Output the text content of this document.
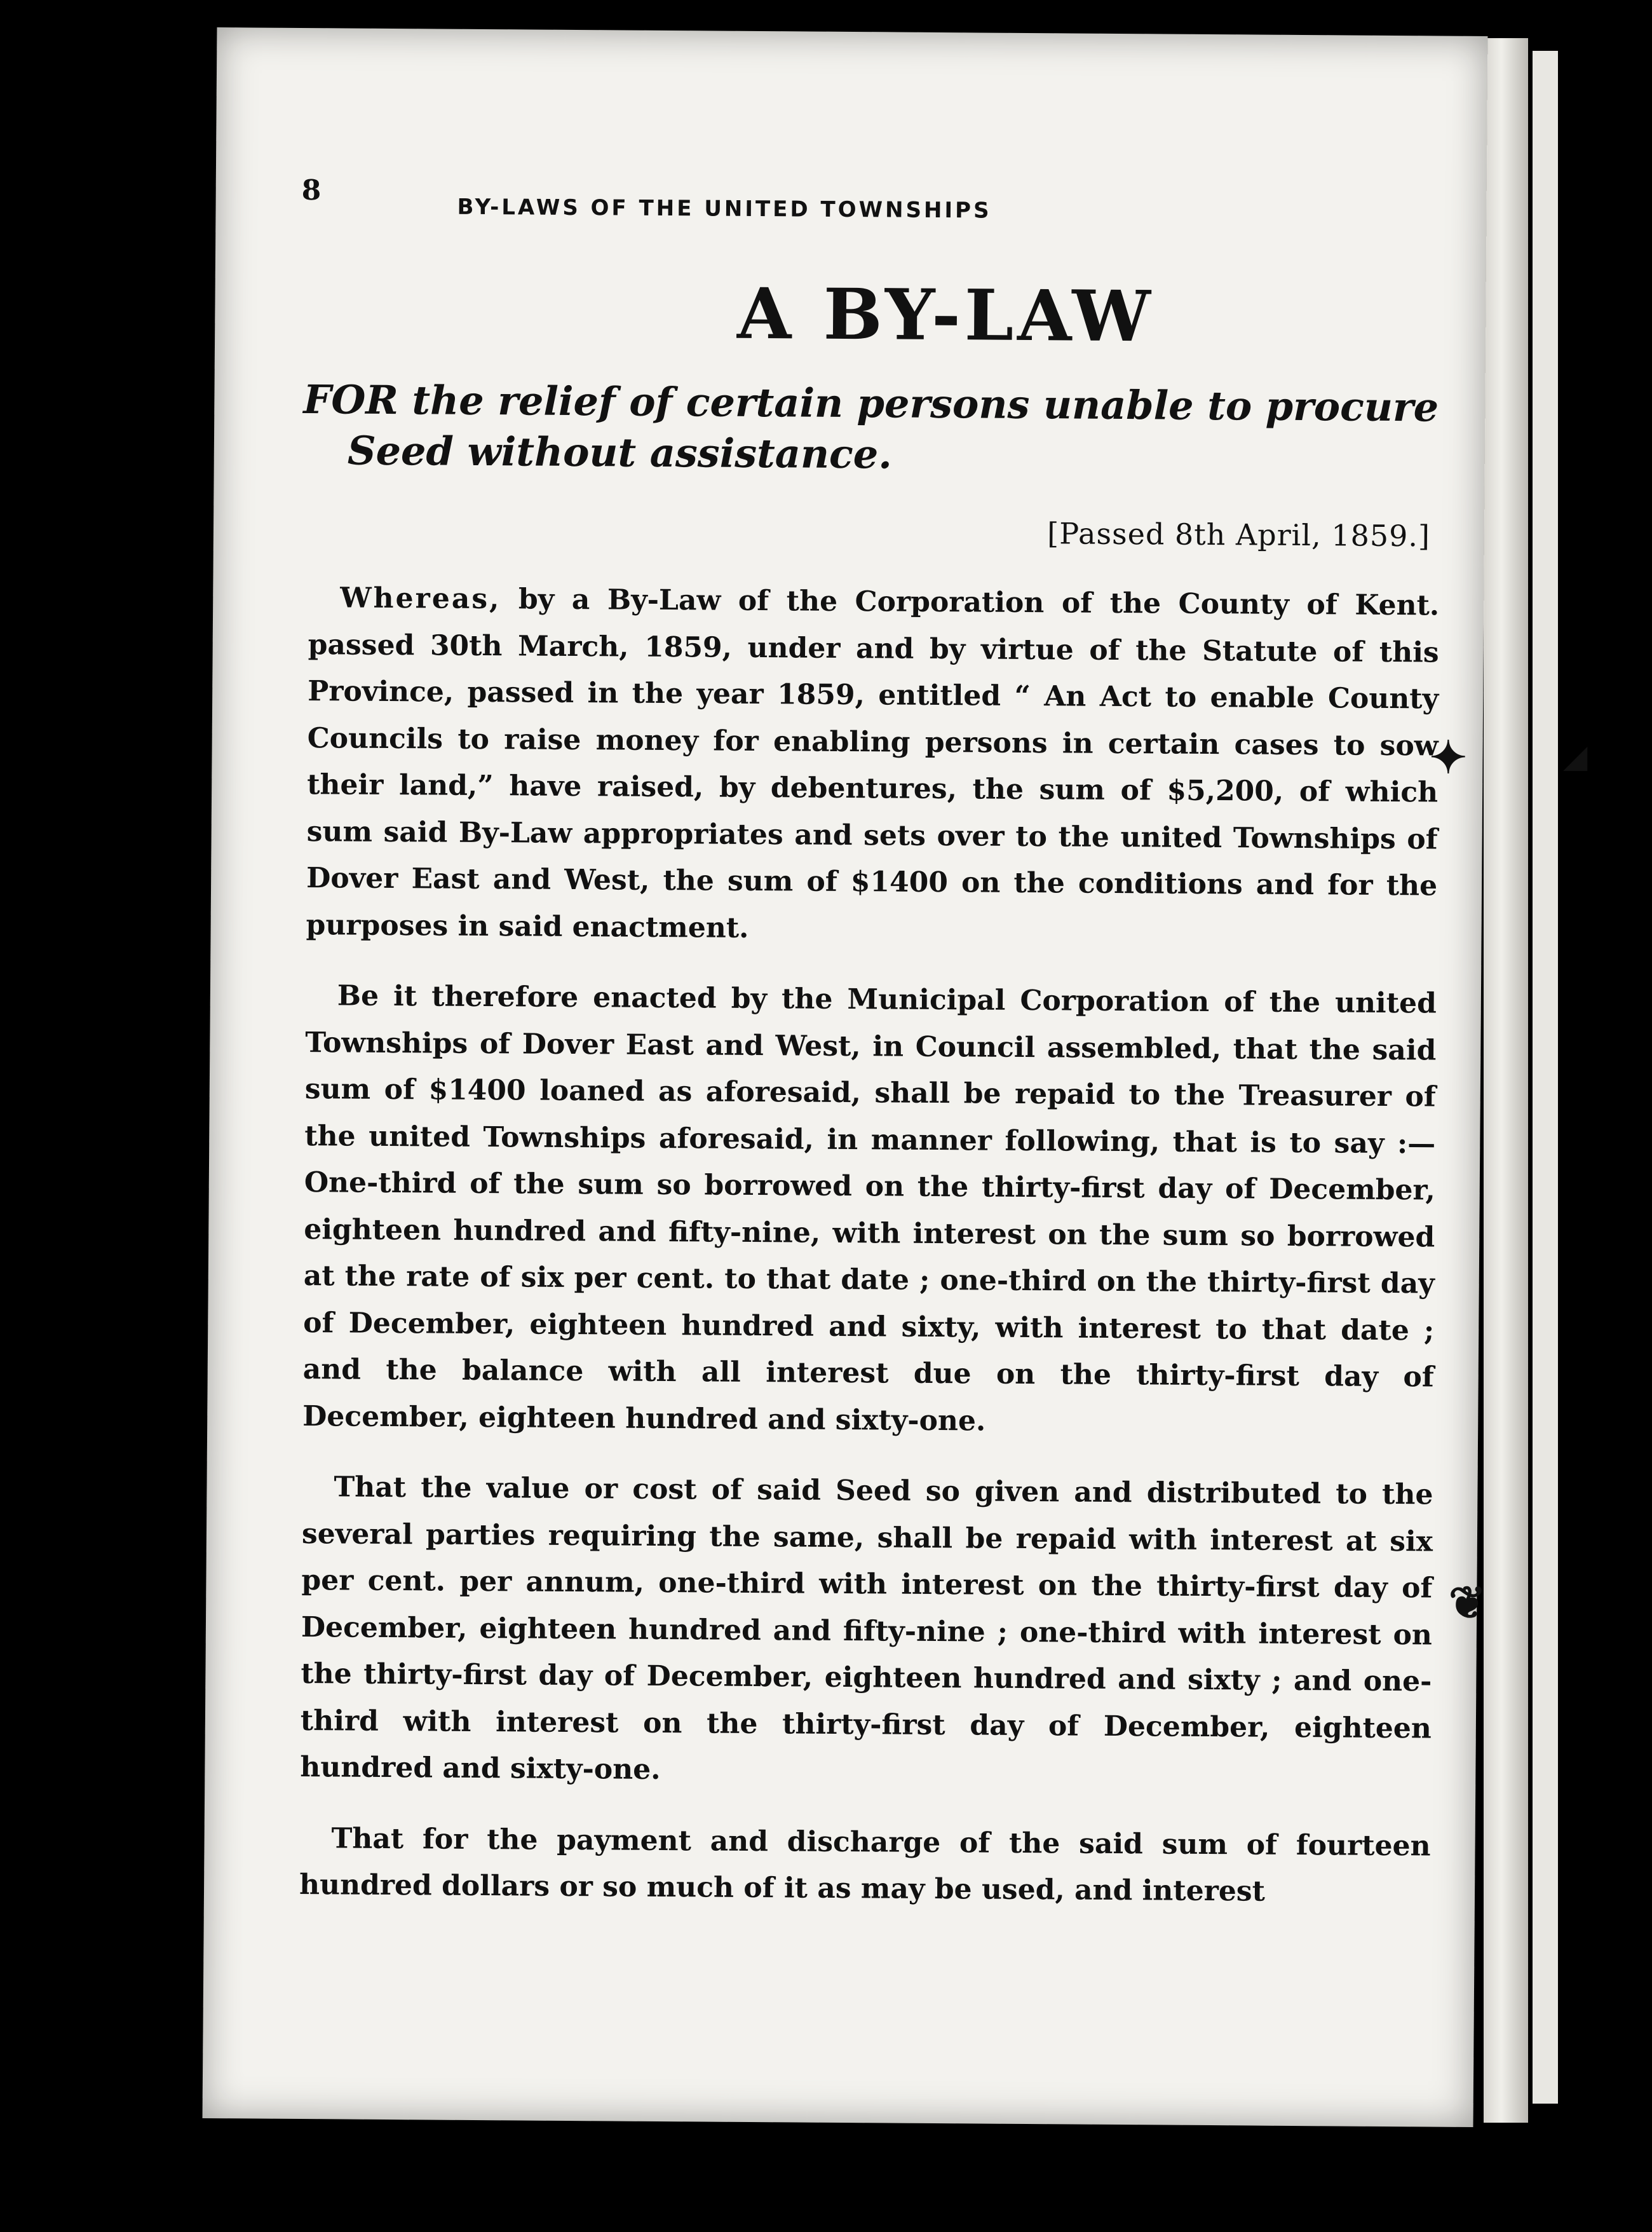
8
BY-LAWS OF THE UNITED TOWNSHIPS
A BY-LAW
FOR the relief of certain persons unable to procure
Seed without assistance.
[Passed 8th April, 1859.]

Whereas, by a By-Law of the Corporation of the County of Kent. passed 30th March, 1859, under and by virtue of the Statute of this Province, passed in the year 1859, entitled “ An Act to enable County Councils to raise money for enabling persons in certain cases to sow their land,” have raised, by debentures, the sum of $5,200, of which sum said By-Law appropriates and sets over to the united Townships of Dover East and West, the sum of $1400 on the conditions and for the purposes in said enactment.

Be it therefore enacted by the Municipal Corporation of the united Townships of Dover East and West, in Council assembled, that the said sum of $1400 loaned as aforesaid, shall be repaid to the Treasurer of the united Townships aforesaid, in manner following, that is to say :—One-third of the sum so borrowed on the thirty-first day of December, eighteen hundred and fifty-nine, with interest on the sum so borrowed at the rate of six per cent. to that date ; one-third on the thirty-first day of December, eighteen hundred and sixty, with interest to that date ; and the balance with all interest due on the thirty-first day of December, eighteen hundred and sixty-one.

That the value or cost of said Seed so given and distributed to the several parties requiring the same, shall be repaid with interest at six per cent. per annum, one-third with interest on the thirty-first day of December, eighteen hundred and fifty-nine ; one-third with interest on the thirty-first day of December, eighteen hundred and sixty ; and one-third with interest on the thirty-first day of December, eighteen hundred and sixty-one.

That for the payment and discharge of the said sum of fourteen hundred dollars or so much of it as may be used, and interest

✦	◢
❦
